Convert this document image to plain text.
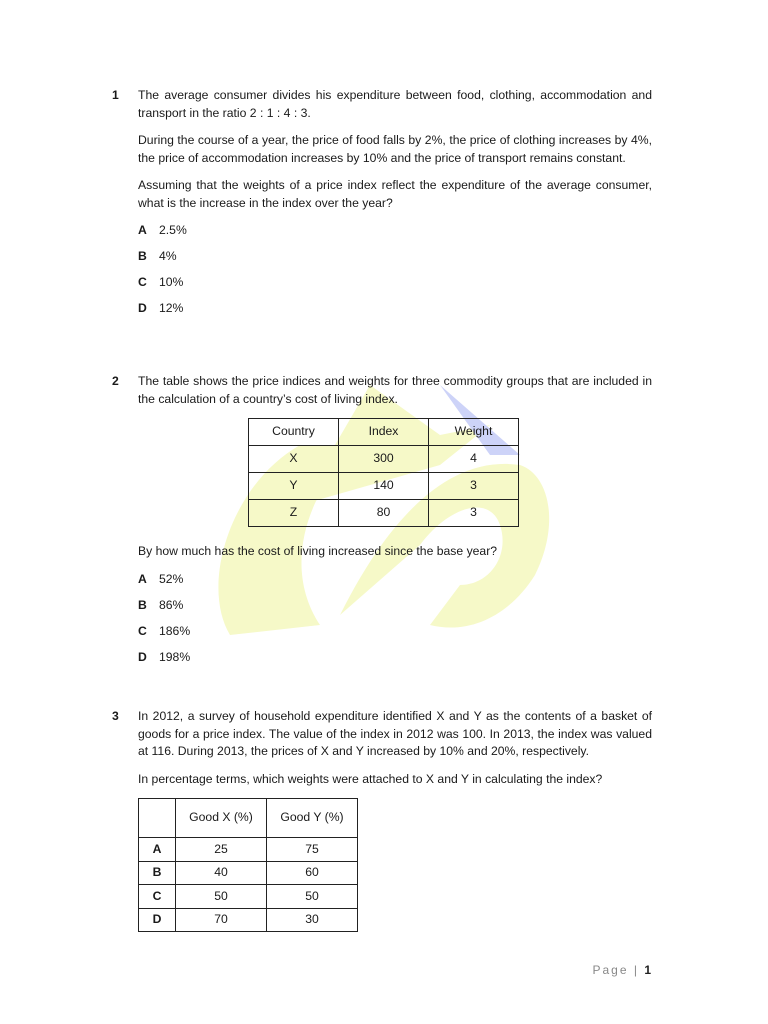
1	The average consumer divides his expenditure between food, clothing, accommodation and transport in the ratio 2 : 1 : 4 : 3.

During the course of a year, the price of food falls by 2%, the price of clothing increases by 4%, the price of accommodation increases by 10% and the price of transport remains constant.

Assuming that the weights of a price index reflect the expenditure of the average consumer, what is the increase in the index over the year?

A 2.5%
B 4%
C 10%
D 12%
2	The table shows the price indices and weights for three commodity groups that are included in the calculation of a country’s cost of living index.

Country	Index	Weight
X	300	4
Y	140	3
Z	80	3

By how much has the cost of living increased since the base year?

A 52%
B 86%
C 186%
D 198%
3	In 2012, a survey of household expenditure identified X and Y as the contents of a basket of goods for a price index. The value of the index in 2012 was 100. In 2013, the index was valued at 116. During 2013, the prices of X and Y increased by 10% and 20%, respectively.

In percentage terms, which weights were attached to X and Y in calculating the index?

	Good X (%)	Good Y (%)
A	25	75
B	40	60
C	50	50
D	70	30
Page | 1
